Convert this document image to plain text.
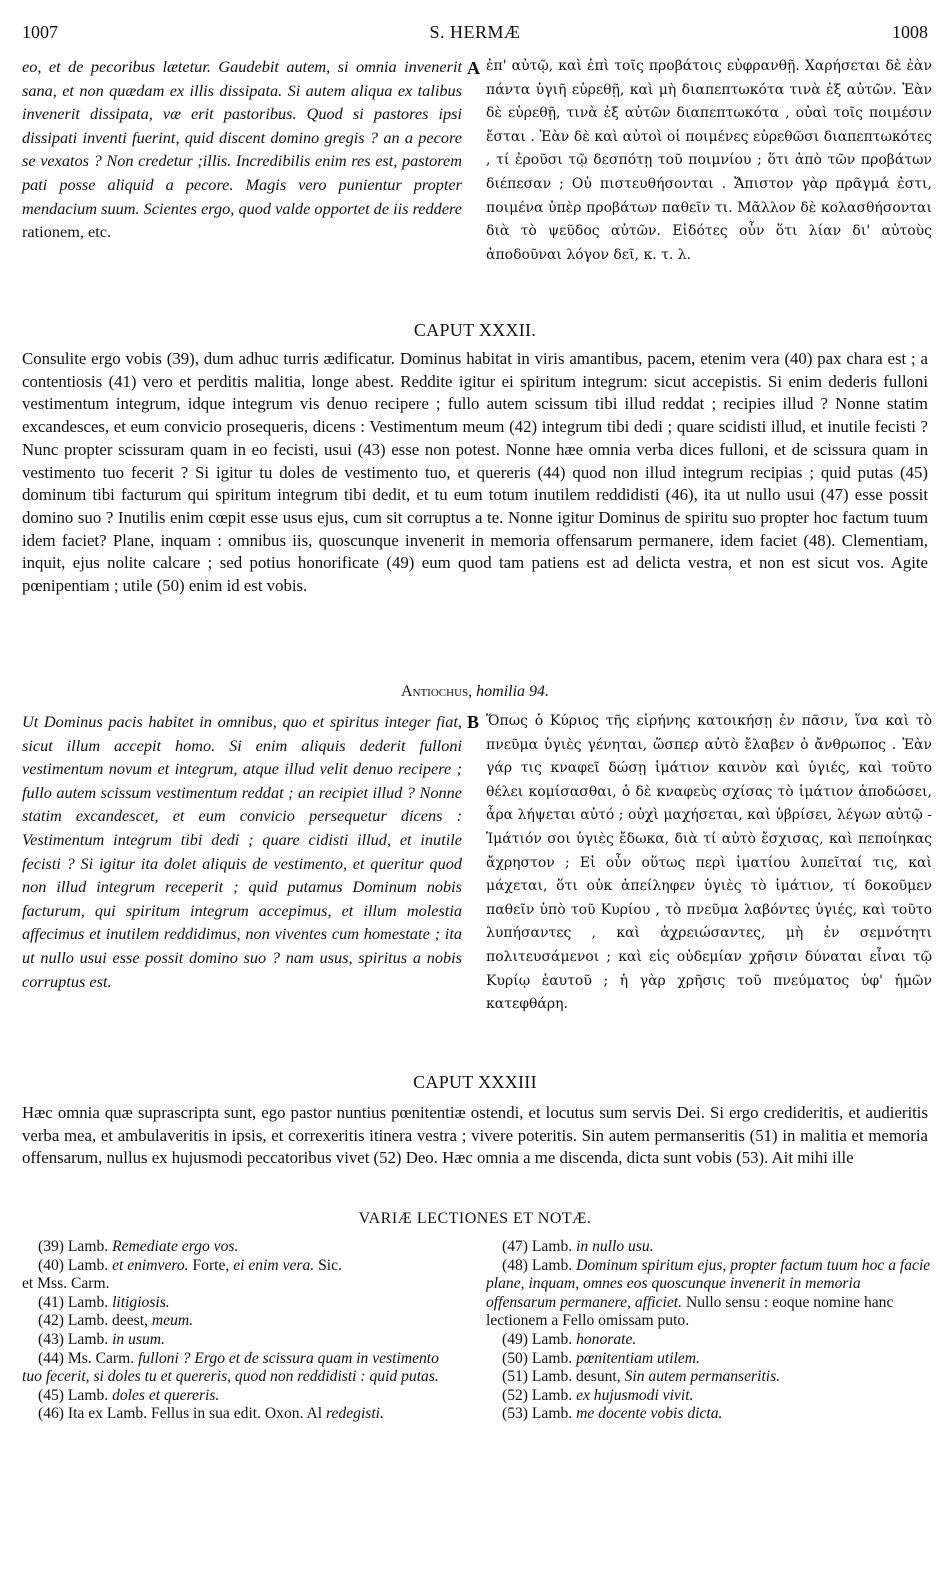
1007	S. HERMÆ	1008
eo, et de pecoribus lætetur. Gaudebit autem, si omnia invenerit sana, et non quædam ex illis dissipata. Si autem aliqua ex talibus invenerit dissipata, væ erit pastoribus. Quod si pastores ipsi dissipati inventi fuerint, quid discent domino gregis ? an a pecore se vexatos ? Non credetur ;illis. Incredibilis enim res est, pastorem pati posse aliquid a pecore. Magis vero punientur propter mendacium suum. Scientes ergo, quod valde opportet de iis reddere rationem, etc.
A ἐπ' αὐτῷ, καὶ ἐπὶ τοῖς προβάτοις εὐφρανθῇ. Χαρήσεται δὲ ἐὰν πάντα ὑγιῆ εὑρεθῇ, καὶ μὴ διαπεπτωκότα τινὰ ἐξ αὐτῶν. Ἐὰν δὲ εὑρεθῇ, τινὰ ἐξ αὐτῶν διαπεπτωκότα , οὐαὶ τοῖς ποιμέσιν ἔσται . Ἐὰν δὲ καὶ αὐτοὶ οἱ ποιμένες εὑρεθῶσι διαπεπτωκότες , τί ἐροῦσι τῷ δεσπότῃ τοῦ ποιμνίου ; ὅτι ἀπὸ τῶν προβάτων διέπεσαν ; Οὐ πιστευθήσονται . Ἄπιστον γὰρ πρᾶγμά ἐστι, ποιμένα ὑπὲρ προβάτων παθεῖν τι. Μᾶλλον δὲ κολασθήσονται διὰ τὸ ψεῦδος αὐτῶν. Εἰδότες οὖν ὅτι λίαν δι' αὐτοὺς ἀποδοῦναι λόγον δεῖ, κ. τ. λ.
CAPUT XXXII.
Consulite ergo vobis (39), dum adhuc turris ædificatur. Dominus habitat in viris amantibus, pacem, etenim vera (40) pax chara est ; a contentiosis (41) vero et perditis malitia, longe abest. Reddite igitur ei spiritum integrum: sicut accepistis. Si enim dederis fulloni vestimentum integrum, idque integrum vis denuo recipere ; fullo autem scissum tibi illud reddat ; recipies illud ? Nonne statim excandesces, et eum convicio prosequeris, dicens : Vestimentum meum (42) integrum tibi dedi ; quare scidisti illud, et inutile fecisti ? Nunc propter scissuram quam in eo fecisti, usui (43) esse non potest. Nonne hæe omnia verba dices fulloni, et de scissura quam in vestimento tuo fecerit ? Si igitur tu doles de vestimento tuo, et quereris (44) quod non illud integrum recipias ; quid putas (45) dominum tibi facturum qui spiritum integrum tibi dedit, et tu eum totum inutilem reddidisti (46), ita ut nullo usui (47) esse possit domino suo ? Inutilis enim cœpit esse usus ejus, cum sit corruptus a te. Nonne igitur Dominus de spiritu suo propter hoc factum tuum idem faciet? Plane, inquam : omnibus iis, quoscunque invenerit in memoria offensarum permanere, idem faciet (48). Clementiam, inquit, ejus nolite calcare ; sed potius honorificate (49) eum quod tam patiens est ad delicta vestra, et non est sicut vos. Agite pœnipentiam ; utile (50) enim id est vobis.
Antiochus, homilia 94.
Ut Dominus pacis habitet in omnibus, quo et spiritus integer fiat, sicut illum accepit homo. Si enim aliquis dederit fulloni vestimentum novum et integrum, atque illud velit denuo recipere ; fullo autem scissum vestimentum reddat ; an recipiet illud ? Nonne statim excandescet, et eum convicio persequetur dicens : Vestimentum integrum tibi dedi ; quare cidisti illud, et inutile fecisti ? Si igitur ita dolet aliquis de vestimento, et queritur quod non illud integrum receperit ; quid putamus Dominum nobis facturum, qui spiritum integrum accepimus, et illum molestia affecimus et inutilem reddidimus, non viventes cum homestate ; ita ut nullo usui esse possit domino suo ? nam usus, spiritus a nobis corruptus est.
B Ὅπως ὁ Κύριος τῆς εἰρήνης κατοικήσῃ ἐν πᾶσιν, ἵνα καὶ τὸ πνεῦμα ὑγιὲς γένηται, ὥσπερ αὐτὸ ἔλαβεν ὁ ἄνθρωπος . Ἐὰν γάρ τις κναφεῖ δώσῃ ἱμάτιον καινὸν καὶ ὑγιές, καὶ τοῦτο θέλει κομίσασθαι, ὁ δὲ κναφεὺς σχίσας τὸ ἱμάτιον ἀποδώσει, ἆρα λήψεται αὐτό ; οὐχὶ μαχήσεται, καὶ ὑβρίσει, λέγων αὐτῷ - Ἱμάτιόν σοι ὑγιὲς ἔδωκα, διὰ τί αὐτὸ ἔσχισας, καὶ πεποίηκας ἄχρηστον ; Εἰ οὖν οὕτως περὶ ἱματίου λυπεῖταί τις, καὶ μάχεται, ὅτι οὐκ ἀπείληφεν ὑγιὲς τὸ ἱμάτιον, τί δοκοῦμεν παθεῖν ὑπὸ τοῦ Κυρίου , τὸ πνεῦμα λαβόντες ὑγιές, καὶ τοῦτο λυπήσαντες , καὶ ἀχρειώσαντες, μὴ ἐν σεμνότητι πολιτευσάμενοι ; καὶ εἰς οὐδεμίαν χρῆσιν δύναται εἶναι τῷ Κυρίῳ ἑαυτοῦ ; ἡ γὰρ χρῆσις τοῦ πνεύματος ὑφ' ἡμῶν κατεφθάρη.
CAPUT XXXIII
Hæc omnia quæ suprascripta sunt, ego pastor nuntius pœnitentiæ ostendi, et locutus sum servis Dei. Si ergo credideritis, et audieritis verba mea, et ambulaveritis in ipsis, et correxeritis itinera vestra ; vivere poteritis. Sin autem permanseritis (51) in malitia et memoria offensarum, nullus ex hujusmodi peccatoribus vivet (52) Deo. Hæc omnia a me discenda, dicta sunt vobis (53). Ait mihi ille
VARIÆ LECTIONES ET NOTÆ.

(39) Lamb. Remediate ergo vos.

(40) Lamb. et enimvero. Forte, ei enim vera. Sic.
et Mss. Carm.

(41) Lamb. litigiosis.

(42) Lamb. deest, meum.

(43) Lamb. in usum.

(44) Ms. Carm. fulloni ? Ergo et de scissura quam in vestimento tuo fecerit, si doles tu et quereris, quod non reddidisti : quid putas.

(45) Lamb. doles et quereris.

(46) Ita ex Lamb. Fellus in sua edit. Oxon. Al redegisti.

(47) Lamb. in nullo usu.

(48) Lamb. Dominum spiritum ejus, propter factum tuum hoc a facie plane, inquam, omnes eos quoscunque invenerit in memoria offensarum permanere, afficiet. Nullo sensu : eoque nomine hanc lectionem a Fello omissam puto.

(49) Lamb. honorate.

(50) Lamb. pœnitentiam utilem.

(51) Lamb. desunt, Sin autem permanseritis.

(52) Lamb. ex hujusmodi vivit.

(53) Lamb. me docente vobis dicta.
